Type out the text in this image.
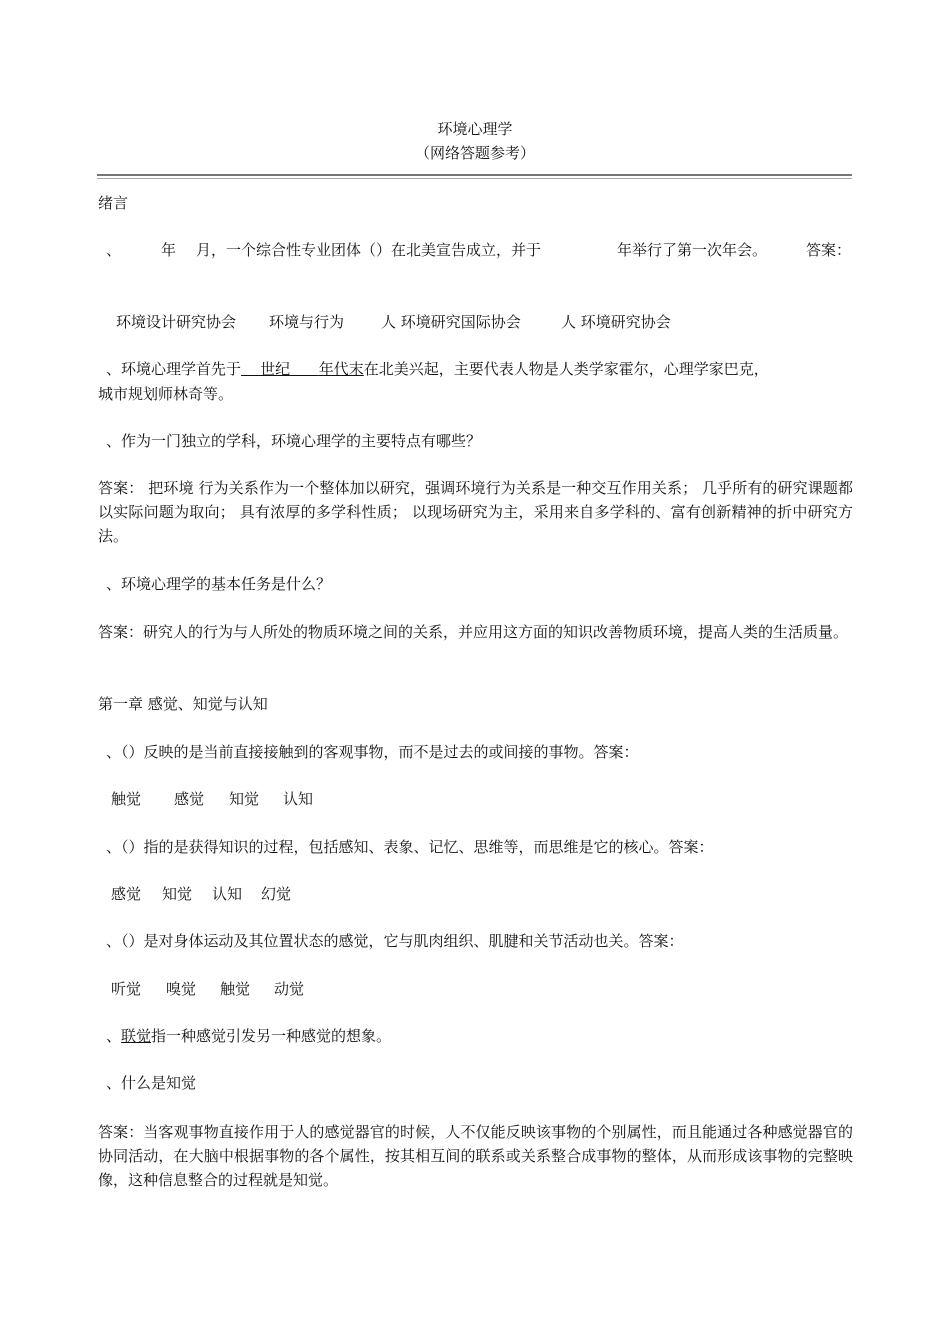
环境心理学
（网络答题参考）
绪言
、	年 月，一个综合性专业团体（）在北美宣告成立，并于	年举行了第一次年会。	答案：
环境设计研究协会 环境与行为 人 环境研究国际协会	人 环境研究协会
、环境心理学首先于 世纪 年代末在北美兴起，主要代表人物是人类学家霍尔，心理学家巴克，
城市规划师林奇等。
、作为一门独立的学科，环境心理学的主要特点有哪些？
答案： 把环境 行为关系作为一个整体加以研究，强调环境行为关系是一种交互作用关系； 几乎所有的研究课题都以实际问题为取向； 具有浓厚的多学科性质； 以现场研究为主，采用来自多学科的、富有创新精神的折中研究方法。
、环境心理学的基本任务是什么？
答案：研究人的行为与人所处的物质环境之间的关系，并应用这方面的知识改善物质环境，提高人类的生活质量。
第一章 感觉、知觉与认知
、（）反映的是当前直接接触到的客观事物，而不是过去的或间接的事物。答案：
触觉 感觉 知觉 认知
、（）指的是获得知识的过程，包括感知、表象、记忆、思维等，而思维是它的核心。答案：
感觉 知觉 认知 幻觉
、（）是对身体运动及其位置状态的感觉，它与肌肉组织、肌腱和关节活动也关。答案：
听觉 嗅觉 触觉 动觉
、联觉指一种感觉引发另一种感觉的想象。
、什么是知觉
答案：当客观事物直接作用于人的感觉器官的时候，人不仅能反映该事物的个别属性，而且能通过各种感觉器官的协同活动，在大脑中根据事物的各个属性，按其相互间的联系或关系整合成事物的整体，从而形成该事物的完整映像，这种信息整合的过程就是知觉。
